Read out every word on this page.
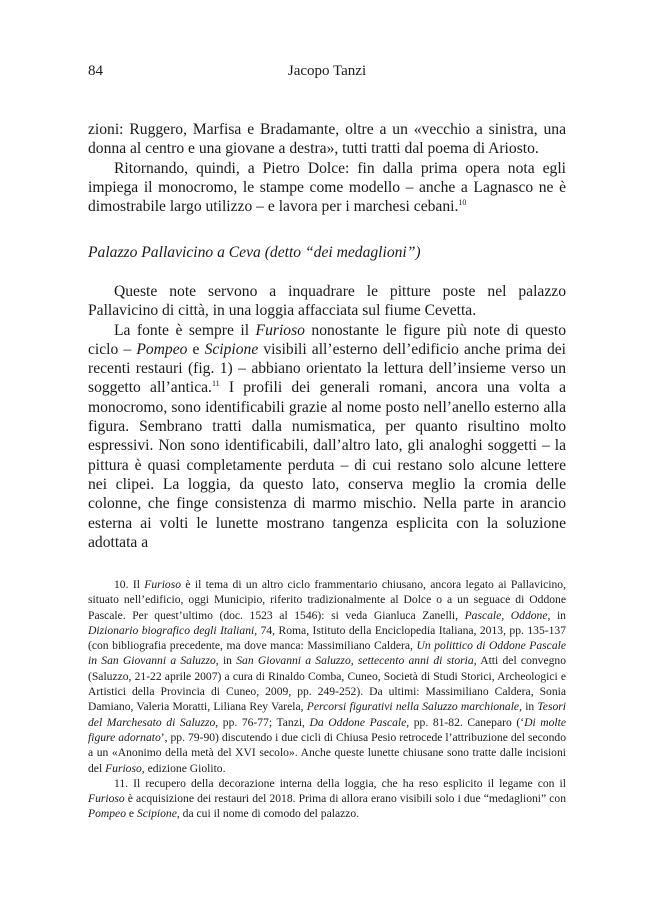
84	Jacopo Tanzi

zioni: Ruggero, Marfisa e Bradamante, oltre a un «vecchio a sinistra, una donna al centro e una giovane a destra», tutti tratti dal poema di Ariosto.

Ritornando, quindi, a Pietro Dolce: fin dalla prima opera nota egli impiega il monocromo, le stampe come modello – anche a Lagnasco ne è dimostrabile largo utilizzo – e lavora per i marchesi cebani.$^{10}$

Palazzo Pallavicino a Ceva (detto “dei medaglioni”)

Queste note servono a inquadrare le pitture poste nel palazzo Pallavicino di città, in una loggia affacciata sul fiume Cevetta.

La fonte è sempre il Furioso nonostante le figure più note di questo ciclo – Pompeo e Scipione visibili all’esterno dell’edificio anche prima dei recenti restauri (fig. 1) – abbiano orientato la lettura dell’insieme verso un soggetto all’antica.$^{11}$ I profili dei generali romani, ancora una volta a monocromo, sono identificabili grazie al nome posto nell’anello esterno alla figura. Sembrano tratti dalla numismatica, per quanto risultino molto espressivi. Non sono identificabili, dall’altro lato, gli analoghi soggetti – la pittura è quasi completamente perduta – di cui restano solo alcune lettere nei clipei. La loggia, da questo lato, conserva meglio la cromia delle colonne, che finge consistenza di marmo mischio. Nella parte in arancio esterna ai volti le lunette mostrano tangenza esplicita con la soluzione adottata a

10. Il Furioso è il tema di un altro ciclo frammentario chiusano, ancora legato ai Pallavicino, situato nell’edificio, oggi Municipio, riferito tradizionalmente al Dolce o a un seguace di Oddone Pascale. Per quest’ultimo (doc. 1523 al 1546): si veda Gianluca Zanelli, Pascale, Oddone, in Dizionario biografico degli Italiani, 74, Roma, Istituto della Enciclopedia Italiana, 2013, pp. 135-137 (con bibliografia precedente, ma dove manca: Massimiliano Caldera, Un polittico di Oddone Pascale in San Giovanni a Saluzzo, in San Giovanni a Saluzzo, settecento anni di storia, Atti del convegno (Saluzzo, 21-22 aprile 2007) a cura di Rinaldo Comba, Cuneo, Società di Studi Storici, Archeologici e Artistici della Provincia di Cuneo, 2009, pp. 249-252). Da ultimi: Massimiliano Caldera, Sonia Damiano, Valeria Moratti, Liliana Rey Varela, Percorsi figurativi nella Saluzzo marchionale, in Tesori del Marchesato di Saluzzo, pp. 76-77; Tanzi, Da Oddone Pascale, pp. 81-82. Caneparo (‘Di molte figure adornato’, pp. 79-90) discutendo i due cicli di Chiusa Pesio retrocede l’attribuzione del secondo a un «Anonimo della metà del XVI secolo». Anche queste lunette chiusane sono tratte dalle incisioni del Furioso, edizione Giolito.

11. Il recupero della decorazione interna della loggia, che ha reso esplicito il legame con il Furioso è acquisizione dei restauri del 2018. Prima di allora erano visibili solo i due “medaglioni” con Pompeo e Scipione, da cui il nome di comodo del palazzo.
